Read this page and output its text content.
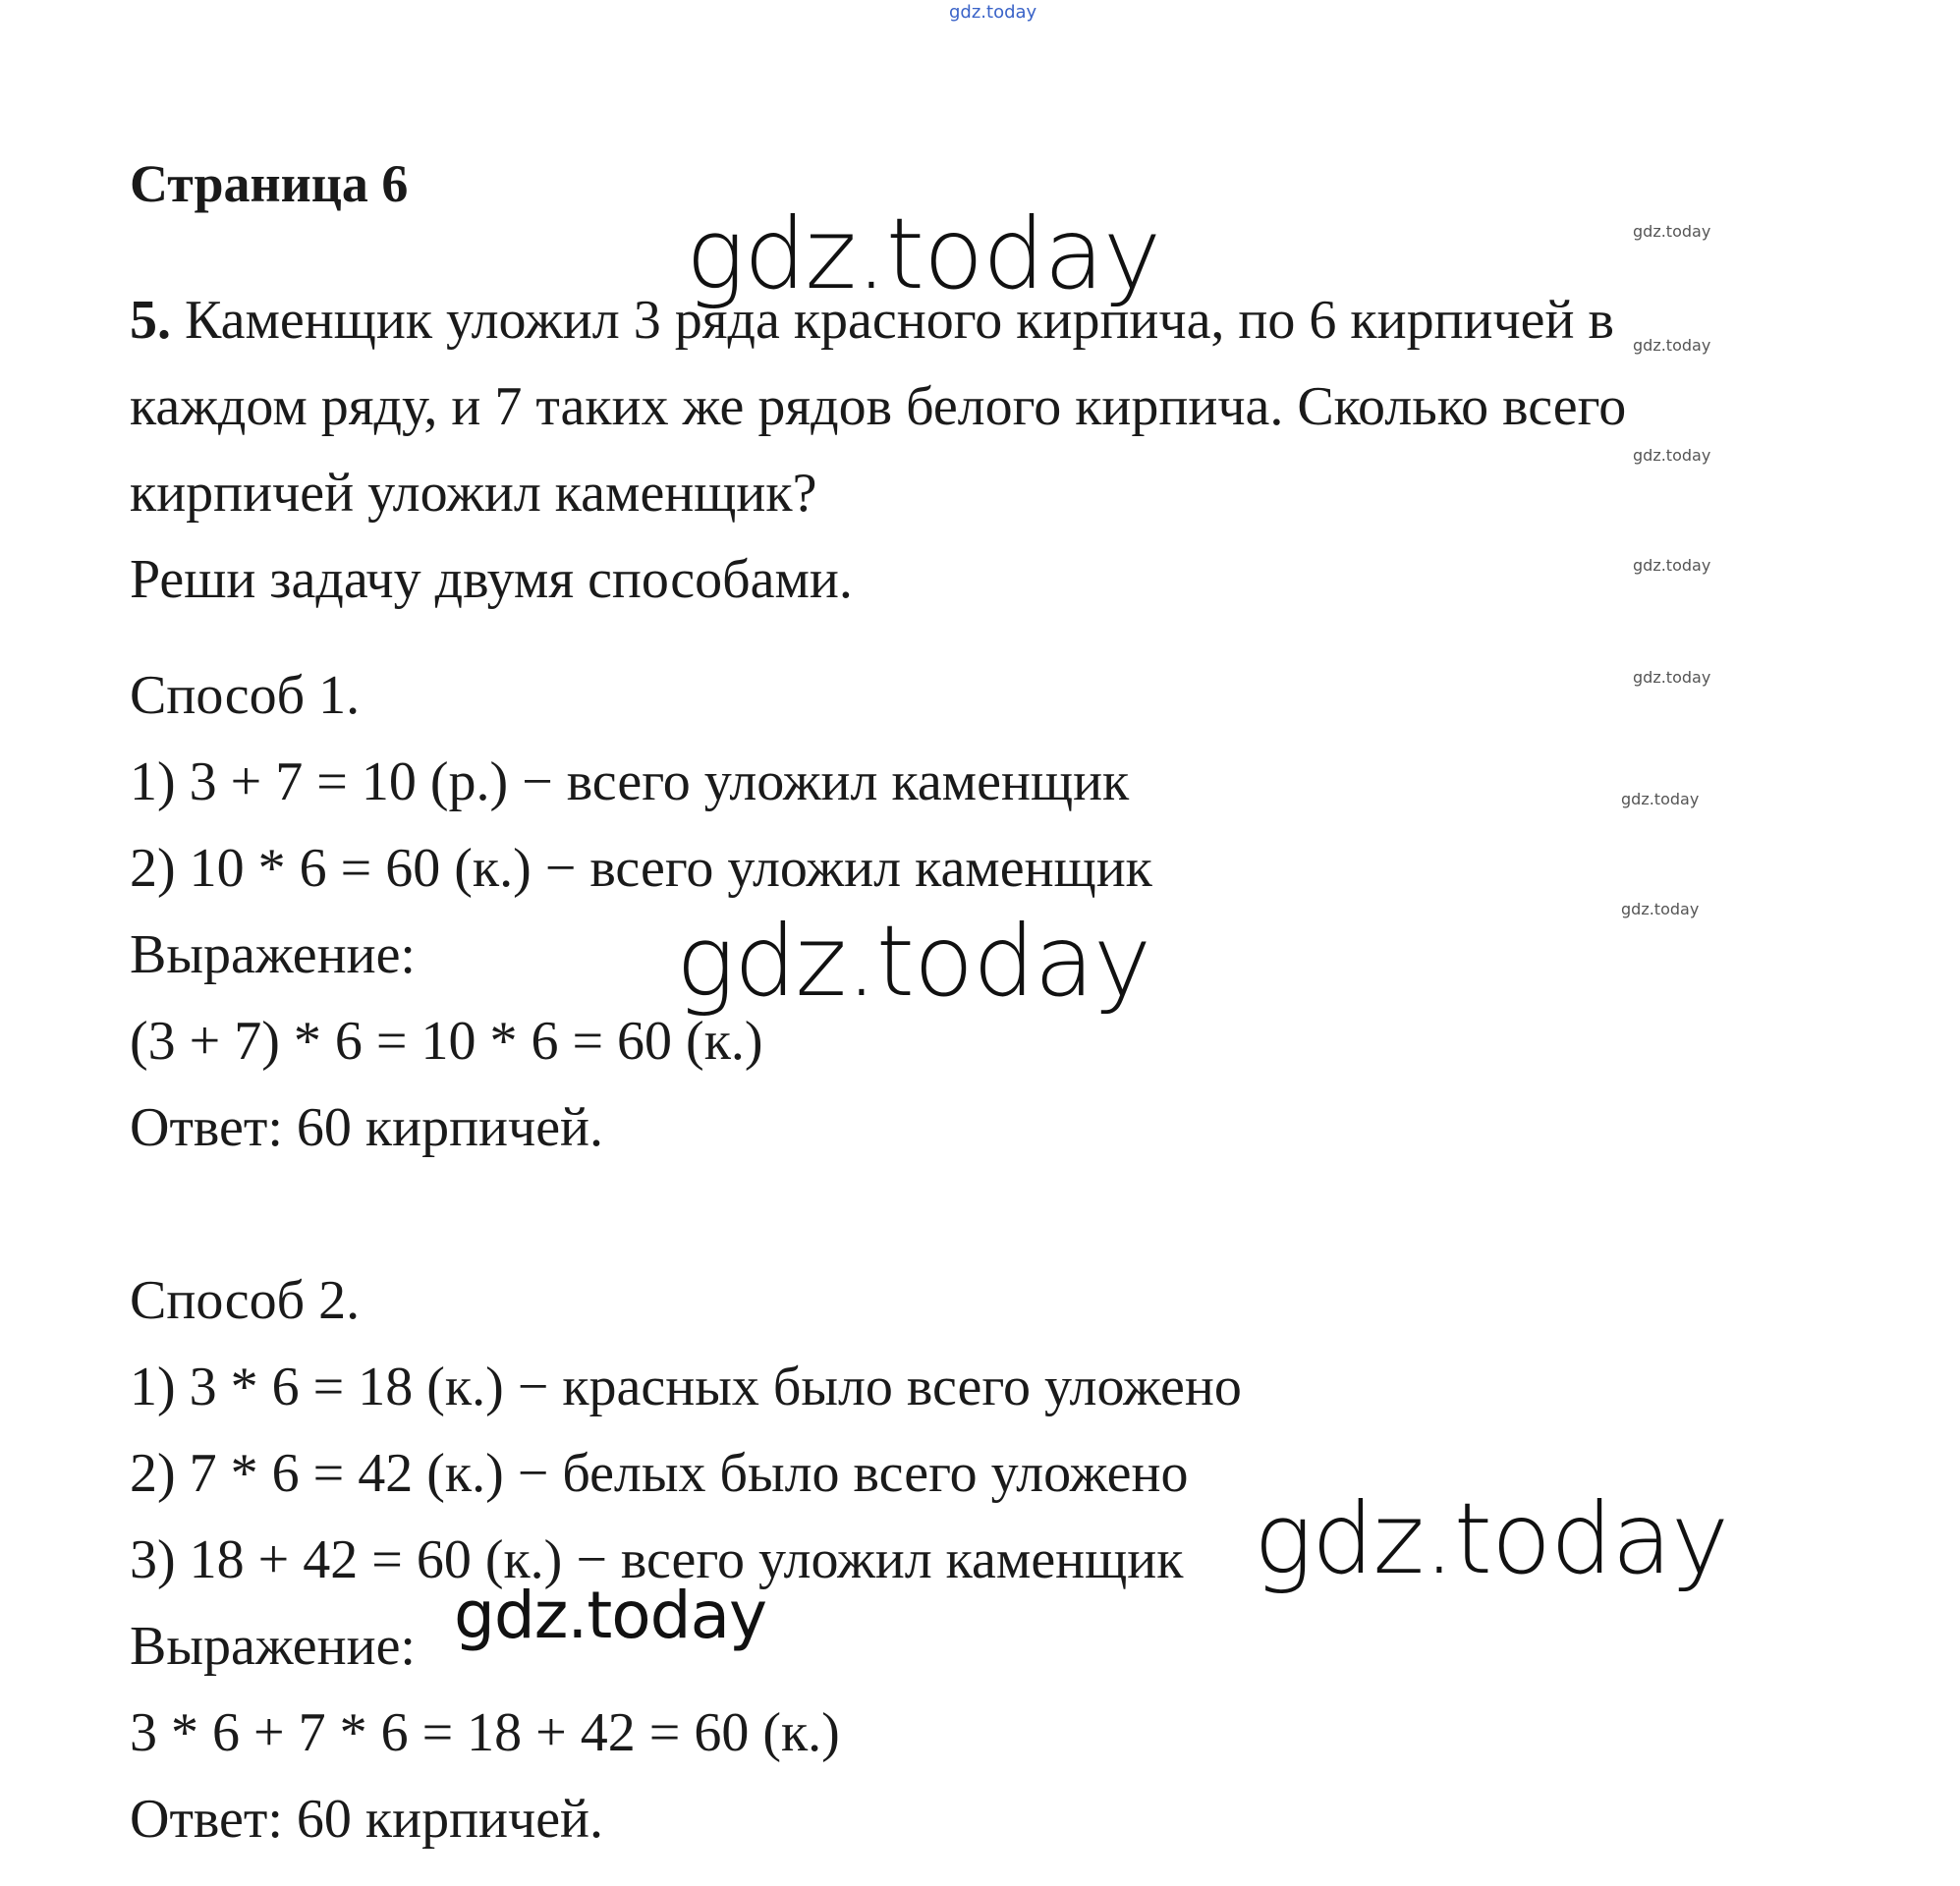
gdz.today
gdz.today
gdz.today
gdz.today
gdz.today
gdz.today
gdz.today
gdz.today
gdz.today
gdz.today
gdz.today
gdz.today
Страница 6
5. Каменщик уложил 3 ряда красного кирпича, по 6 кирпичей в
каждом ряду, и 7 таких же рядов белого кирпича. Сколько всего
кирпичей уложил каменщик?
Реши задачу двумя способами.
Способ 1.
1) 3 + 7 = 10 (р.) − всего уложил каменщик
2) 10 * 6 = 60 (к.) − всего уложил каменщик
Выражение:
(3 + 7) * 6 = 10 * 6 = 60 (к.)
Ответ: 60 кирпичей.
Способ 2.
1) 3 * 6 = 18 (к.) − красных было всего уложено
2) 7 * 6 = 42 (к.) − белых было всего уложено
3) 18 + 42 = 60 (к.) − всего уложил каменщик
Выражение:
3 * 6 + 7 * 6 = 18 + 42 = 60 (к.)
Ответ: 60 кирпичей.
